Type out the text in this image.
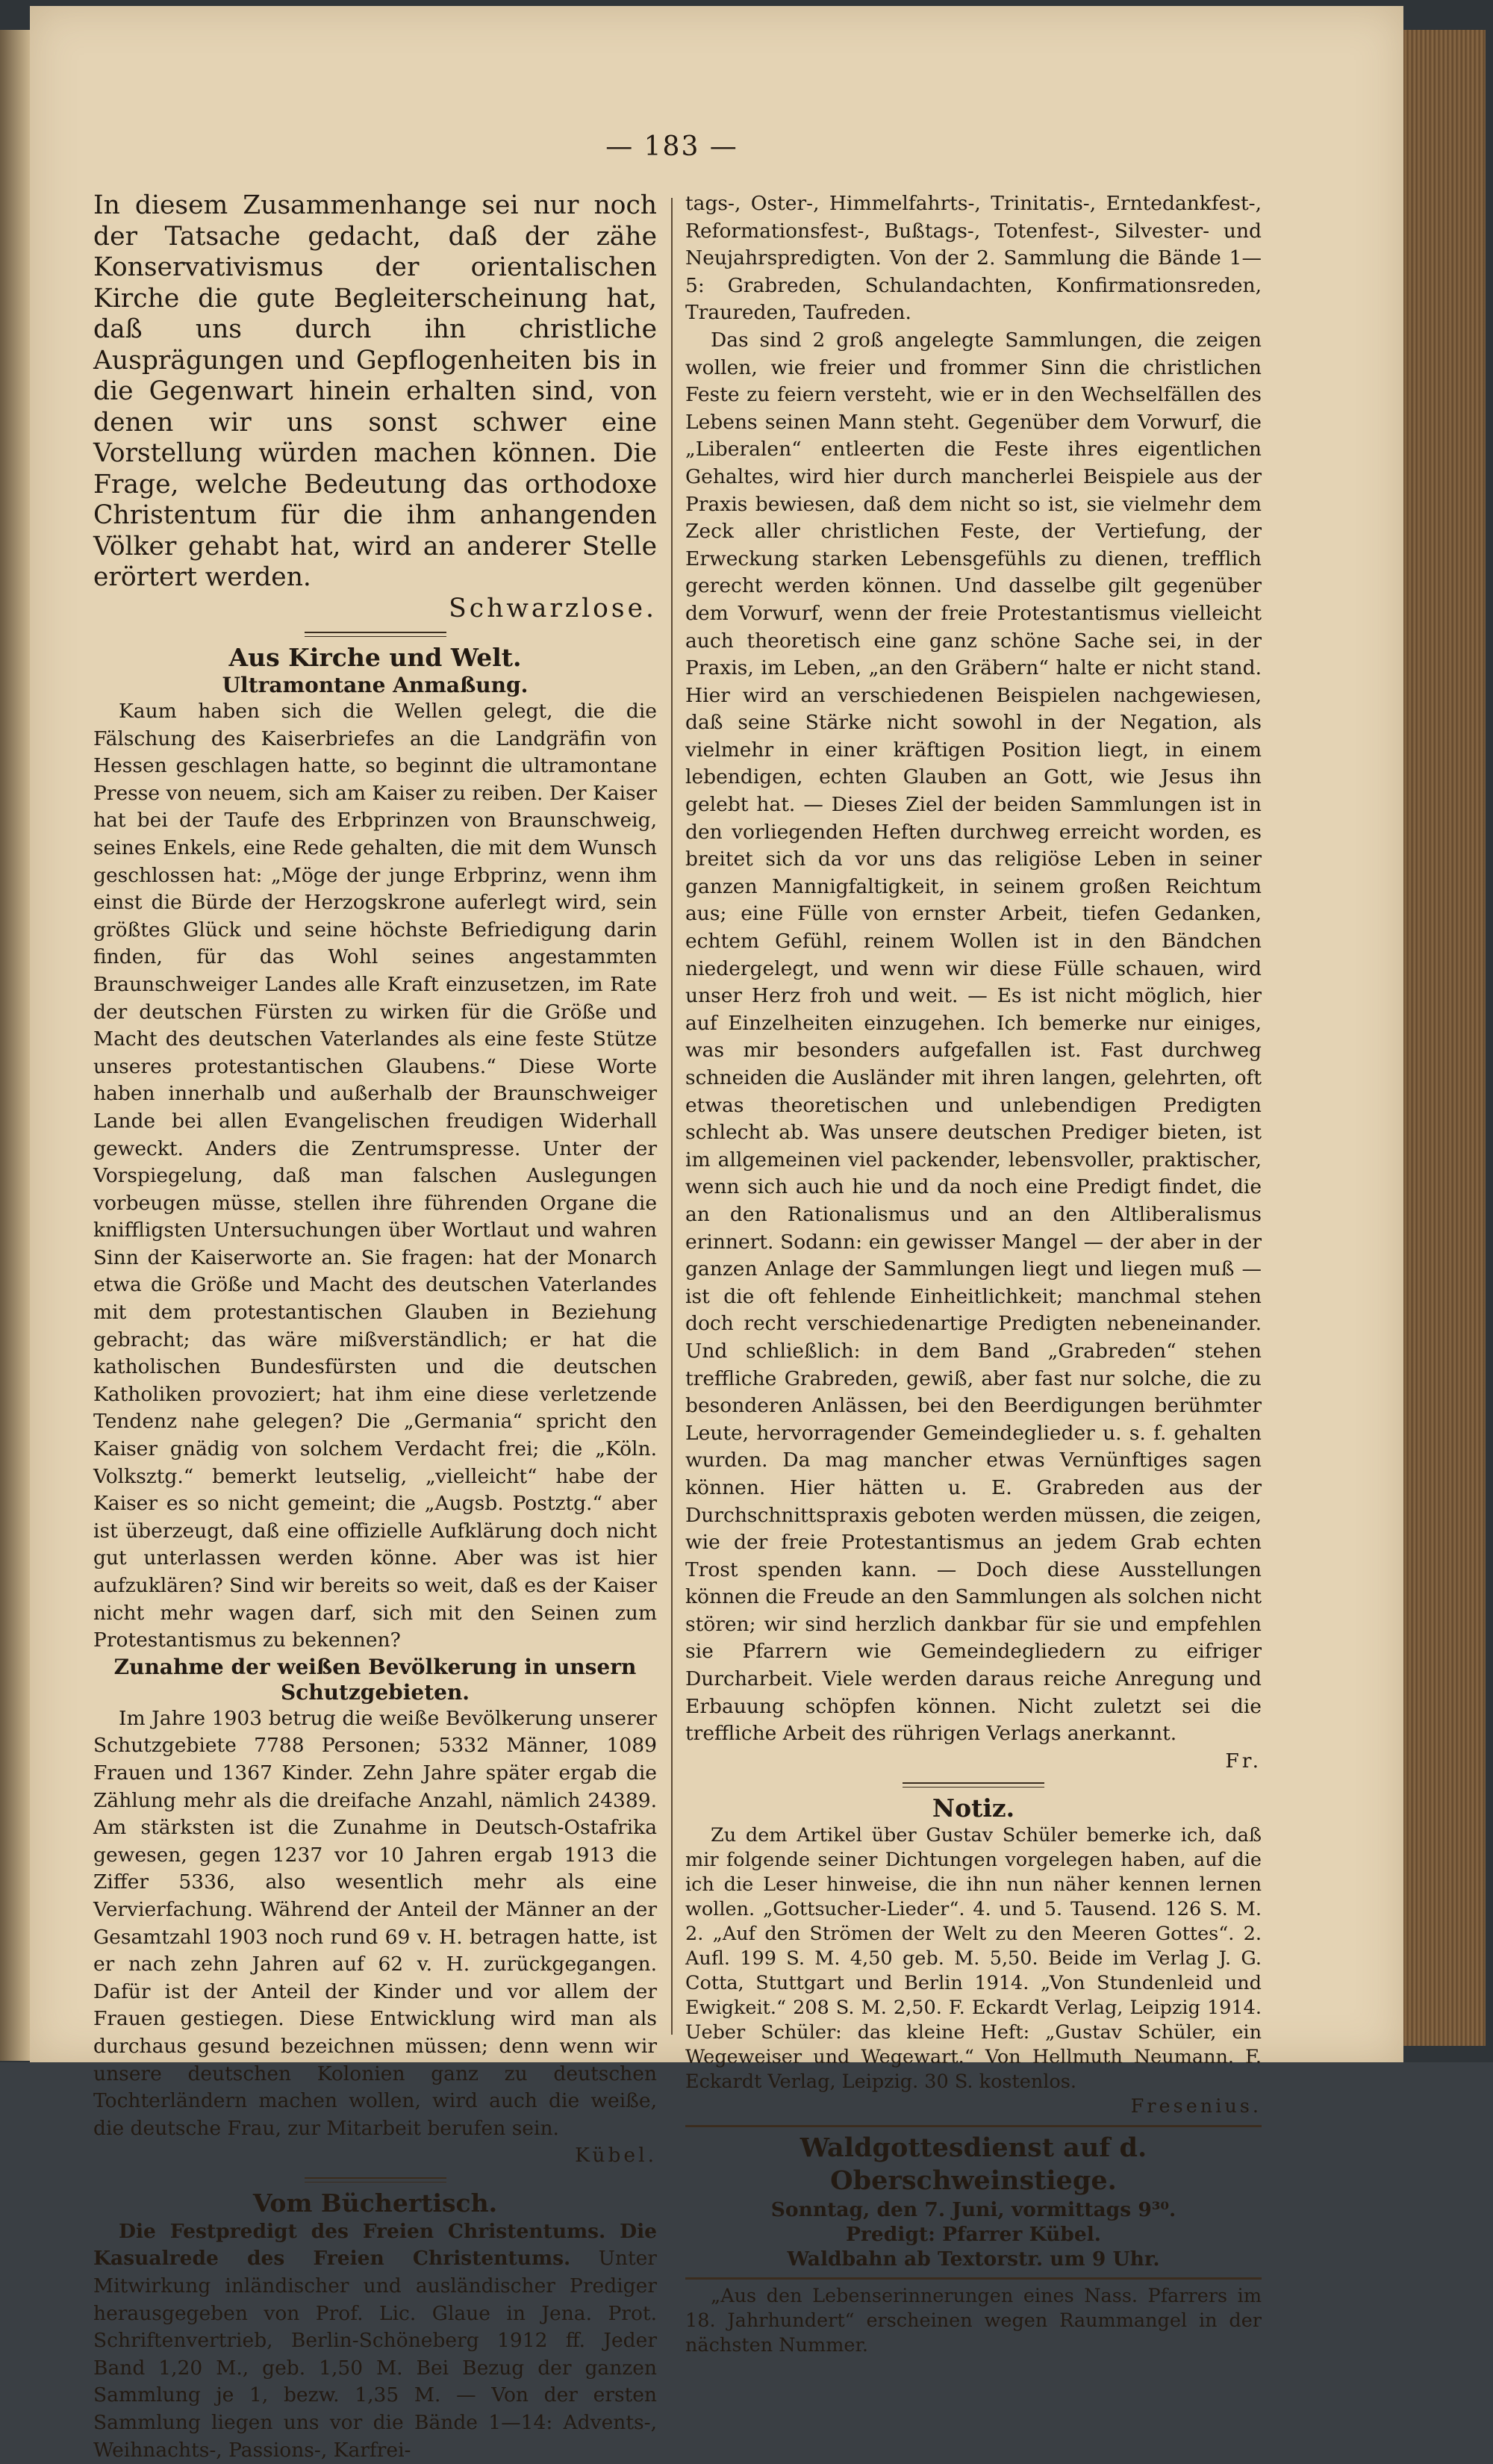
— 183 —

In diesem Zusammenhange sei nur noch der Tatsache gedacht, daß der zähe Konservativismus der orientalischen Kirche die gute Begleiterscheinung hat, daß uns durch ihn christliche Ausprägungen und Gepflogenheiten bis in die Gegenwart hinein erhalten sind, von denen wir uns sonst schwer eine Vorstellung würden machen können. Die Frage, welche Bedeutung das orthodoxe Christentum für die ihm anhangenden Völker gehabt hat, wird an anderer Stelle erörtert werden.
Schwarzlose.

Aus Kirche und Welt.

Ultramontane Anmaßung.

Kaum haben sich die Wellen gelegt, die die Fälschung des Kaiserbriefes an die Landgräfin von Hessen geschlagen hatte, so beginnt die ultramontane Presse von neuem, sich am Kaiser zu reiben. Der Kaiser hat bei der Taufe des Erbprinzen von Braunschweig, seines Enkels, eine Rede gehalten, die mit dem Wunsch geschlossen hat: „Möge der junge Erbprinz, wenn ihm einst die Bürde der Herzogskrone auferlegt wird, sein größtes Glück und seine höchste Befriedigung darin finden, für das Wohl seines angestammten Braunschweiger Landes alle Kraft einzusetzen, im Rate der deutschen Fürsten zu wirken für die Größe und Macht des deutschen Vaterlandes als eine feste Stütze unseres protestantischen Glaubens.“ Diese Worte haben innerhalb und außerhalb der Braunschweiger Lande bei allen Evangelischen freudigen Widerhall geweckt. Anders die Zentrumspresse. Unter der Vorspiegelung, daß man falschen Auslegungen vorbeugen müsse, stellen ihre führenden Organe die kniffligsten Untersuchungen über Wortlaut und wahren Sinn der Kaiserworte an. Sie fragen: hat der Monarch etwa die Größe und Macht des deutschen Vaterlandes mit dem protestantischen Glauben in Beziehung gebracht; das wäre mißverständlich; er hat die katholischen Bundesfürsten und die deutschen Katholiken provoziert; hat ihm eine diese verletzende Tendenz nahe gelegen? Die „Germania“ spricht den Kaiser gnädig von solchem Verdacht frei; die „Köln. Volksztg.“ bemerkt leutselig, „vielleicht“ habe der Kaiser es so nicht gemeint; die „Augsb. Postztg.“ aber ist überzeugt, daß eine offizielle Aufklärung doch nicht gut unterlassen werden könne. Aber was ist hier aufzuklären? Sind wir bereits so weit, daß es der Kaiser nicht mehr wagen darf, sich mit den Seinen zum Protestantismus zu bekennen?

Zunahme der weißen Bevölkerung in unsern Schutzgebieten.

Im Jahre 1903 betrug die weiße Bevölkerung unserer Schutzgebiete 7788 Personen; 5332 Männer, 1089 Frauen und 1367 Kinder. Zehn Jahre später ergab die Zählung mehr als die dreifache Anzahl, nämlich 24389. Am stärksten ist die Zunahme in Deutsch-Ostafrika gewesen, gegen 1237 vor 10 Jahren ergab 1913 die Ziffer 5336, also wesentlich mehr als eine Vervierfachung. Während der Anteil der Männer an der Gesamtzahl 1903 noch rund 69 v. H. betragen hatte, ist er nach zehn Jahren auf 62 v. H. zurückgegangen. Dafür ist der Anteil der Kinder und vor allem der Frauen gestiegen. Diese Entwicklung wird man als durchaus gesund bezeichnen müssen; denn wenn wir unsere deutschen Kolonien ganz zu deutschen Tochterländern machen wollen, wird auch die weiße, die deutsche Frau, zur Mitarbeit berufen sein.
Kübel.

Vom Büchertisch.

Die Festpredigt des Freien Christentums. Die Kasualrede des Freien Christentums. Unter Mitwirkung inländischer und ausländischer Prediger herausgegeben von Prof. Lic. Glaue in Jena. Prot. Schriftenvertrieb, Berlin-Schöneberg 1912 ff. Jeder Band 1,20 M., geb. 1,50 M. Bei Bezug der ganzen Sammlung je 1, bezw. 1,35 M. — Von der ersten Sammlung liegen uns vor die Bände 1—14: Advents-, Weihnachts-, Passions-, Karfrei-

tags-, Oster-, Himmelfahrts-, Trinitatis-, Erntedankfest-, Reformationsfest-, Bußtags-, Totenfest-, Silvester- und Neujahrspredigten. Von der 2. Sammlung die Bände 1—5: Grabreden, Schulandachten, Konfirmationsreden, Traureden, Taufreden.

Das sind 2 groß angelegte Sammlungen, die zeigen wollen, wie freier und frommer Sinn die christlichen Feste zu feiern versteht, wie er in den Wechselfällen des Lebens seinen Mann steht. Gegenüber dem Vorwurf, die „Liberalen“ entleerten die Feste ihres eigentlichen Gehaltes, wird hier durch mancherlei Beispiele aus der Praxis bewiesen, daß dem nicht so ist, sie vielmehr dem Zeck aller christlichen Feste, der Vertiefung, der Erweckung starken Lebensgefühls zu dienen, trefflich gerecht werden können. Und dasselbe gilt gegenüber dem Vorwurf, wenn der freie Protestantismus vielleicht auch theoretisch eine ganz schöne Sache sei, in der Praxis, im Leben, „an den Gräbern“ halte er nicht stand. Hier wird an verschiedenen Beispielen nachgewiesen, daß seine Stärke nicht sowohl in der Negation, als vielmehr in einer kräftigen Position liegt, in einem lebendigen, echten Glauben an Gott, wie Jesus ihn gelebt hat. — Dieses Ziel der beiden Sammlungen ist in den vorliegenden Heften durchweg erreicht worden, es breitet sich da vor uns das religiöse Leben in seiner ganzen Mannigfaltigkeit, in seinem großen Reichtum aus; eine Fülle von ernster Arbeit, tiefen Gedanken, echtem Gefühl, reinem Wollen ist in den Bändchen niedergelegt, und wenn wir diese Fülle schauen, wird unser Herz froh und weit. — Es ist nicht möglich, hier auf Einzelheiten einzugehen. Ich bemerke nur einiges, was mir besonders aufgefallen ist. Fast durchweg schneiden die Ausländer mit ihren langen, gelehrten, oft etwas theoretischen und unlebendigen Predigten schlecht ab. Was unsere deutschen Prediger bieten, ist im allgemeinen viel packender, lebensvoller, praktischer, wenn sich auch hie und da noch eine Predigt findet, die an den Rationalismus und an den Altliberalismus erinnert. Sodann: ein gewisser Mangel — der aber in der ganzen Anlage der Sammlungen liegt und liegen muß — ist die oft fehlende Einheitlichkeit; manchmal stehen doch recht verschiedenartige Predigten nebeneinander. Und schließlich: in dem Band „Grabreden“ stehen treffliche Grabreden, gewiß, aber fast nur solche, die zu besonderen Anlässen, bei den Beerdigungen berühmter Leute, hervorragender Gemeindeglieder u. s. f. gehalten wurden. Da mag mancher etwas Vernünftiges sagen können. Hier hätten u. E. Grabreden aus der Durchschnittspraxis geboten werden müssen, die zeigen, wie der freie Protestantismus an jedem Grab echten Trost spenden kann. — Doch diese Ausstellungen können die Freude an den Sammlungen als solchen nicht stören; wir sind herzlich dankbar für sie und empfehlen sie Pfarrern wie Gemeindegliedern zu eifriger Durcharbeit. Viele werden daraus reiche Anregung und Erbauung schöpfen können. Nicht zuletzt sei die treffliche Arbeit des rührigen Verlags anerkannt.
Fr.

Notiz.

Zu dem Artikel über Gustav Schüler bemerke ich, daß mir folgende seiner Dichtungen vorgelegen haben, auf die ich die Leser hinweise, die ihn nun näher kennen lernen wollen. „Gottsucher-Lieder“. 4. und 5. Tausend. 126 S. M. 2. „Auf den Strömen der Welt zu den Meeren Gottes“. 2. Aufl. 199 S. M. 4,50 geb. M. 5,50. Beide im Verlag J. G. Cotta, Stuttgart und Berlin 1914. „Von Stundenleid und Ewigkeit.“ 208 S. M. 2,50. F. Eckardt Verlag, Leipzig 1914. Ueber Schüler: das kleine Heft: „Gustav Schüler, ein Wegeweiser und Wegewart.“ Von Hellmuth Neumann. F. Eckardt Verlag, Leipzig. 30 S. kostenlos.
Fresenius.

Waldgottesdienst auf d. Oberschweinstiege.
Sonntag, den 7. Juni, vormittags 9³⁰.
Predigt: Pfarrer Kübel.
Waldbahn ab Textorstr. um 9 Uhr.

„Aus den Lebenserinnerungen eines Nass. Pfarrers im 18. Jahrhundert“ erscheinen wegen Raummangel in der nächsten Nummer.
